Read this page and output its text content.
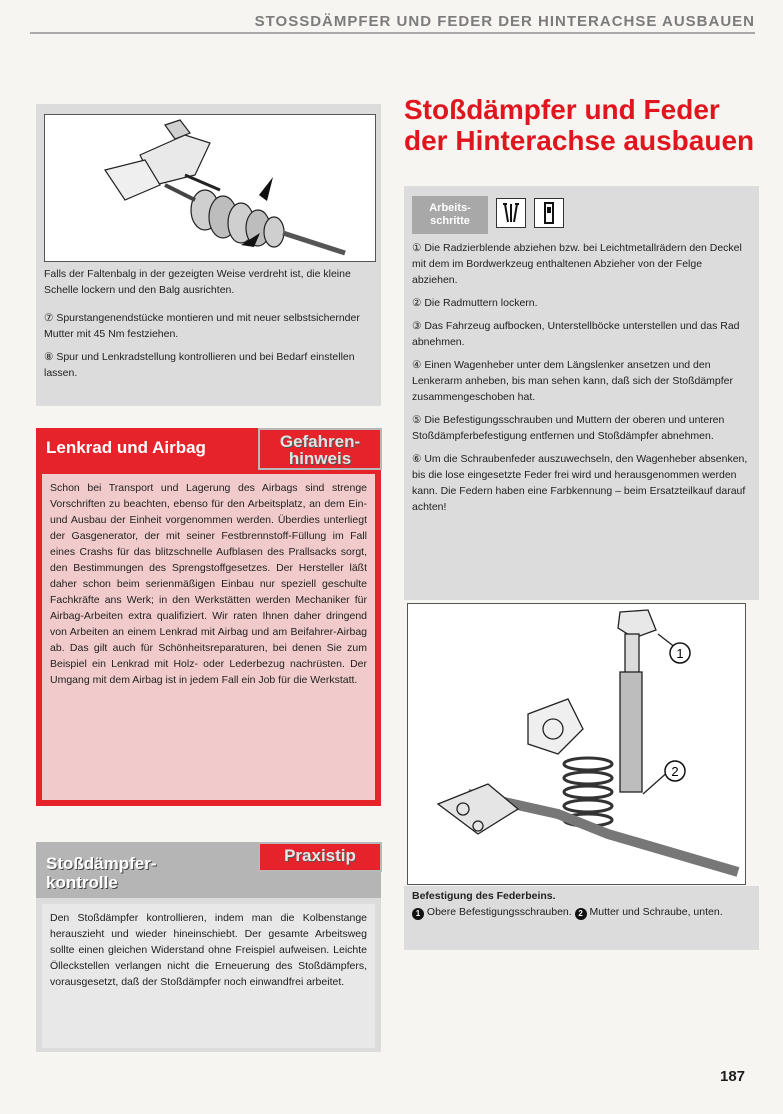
STOSSDÄMPFER UND FEDER DER HINTERACHSE AUSBAUEN

Falls der Faltenbalg in der gezeigten Weise verdreht ist, die kleine Schelle lockern und den Balg ausrichten.

⑦ Spurstangenendstücke montieren und mit neuer selbstsichernder Mutter mit 45 Nm festziehen.

⑧ Spur und Lenkradstellung kontrollieren und bei Bedarf einstellen lassen.

Stoßdämpfer und Feder
der Hinterachse ausbauen
Arbeits-
schritte

① Die Radzierblende abziehen bzw. bei Leichtmetallrädern den Deckel mit dem im Bordwerkzeug enthaltenen Abzieher von der Felge abziehen.

② Die Radmuttern lockern.

③ Das Fahrzeug aufbocken, Unterstellböcke unterstellen und das Rad abnehmen.

④ Einen Wagenheber unter dem Längslenker ansetzen und den Lenkerarm anheben, bis man sehen kann, daß sich der Stoßdämpfer zusammengeschoben hat.

⑤ Die Befestigungsschrauben und Muttern der oberen und unteren Stoßdämpferbefestigung entfernen und Stoßdämpfer abnehmen.

⑥ Um die Schraubenfeder auszuwechseln, den Wagenheber absenken, bis die lose eingesetzte Feder frei wird und herausgenommen werden kann. Die Federn haben eine Farbkennung – beim Ersatzteilkauf darauf achten!

1
2
Befestigung des Federbeins.
1 Obere Befestigungsschrauben. 2 Mutter und Schraube, unten.
Lenkrad und Airbag
Schon bei Transport und Lagerung des Airbags sind strenge Vorschriften zu beachten, ebenso für den Arbeitsplatz, an dem Ein- und Ausbau der Einheit vorgenommen werden. Überdies unterliegt der Gasgenerator, der mit seiner Festbrennstoff-Füllung im Fall eines Crashs für das blitzschnelle Aufblasen des Prallsacks sorgt, den Bestimmungen des Sprengstoffgesetzes. Der Hersteller läßt daher schon beim serienmäßigen Einbau nur speziell geschulte Fachkräfte ans Werk; in den Werkstätten werden Mechaniker für Airbag-Arbeiten extra qualifiziert. Wir raten Ihnen daher dringend von Arbeiten an einem Lenkrad mit Airbag und am Beifahrer-Airbag ab. Das gilt auch für Schönheitsreparaturen, bei denen Sie zum Beispiel ein Lenkrad mit Holz- oder Lederbezug nachrüsten. Der Umgang mit dem Airbag ist in jedem Fall ein Job für die Werkstatt.
Gefahren-
hinweis
Stoßdämpfer-
kontrolle
Den Stoßdämpfer kontrollieren, indem man die Kolbenstange herauszieht und wieder hineinschiebt. Der gesamte Arbeitsweg sollte einen gleichen Widerstand ohne Freispiel aufweisen. Leichte Ölleckstellen verlangen nicht die Erneuerung des Stoßdämpfers, vorausgesetzt, daß der Stoßdämpfer noch einwandfrei arbeitet.
Praxistip
187
